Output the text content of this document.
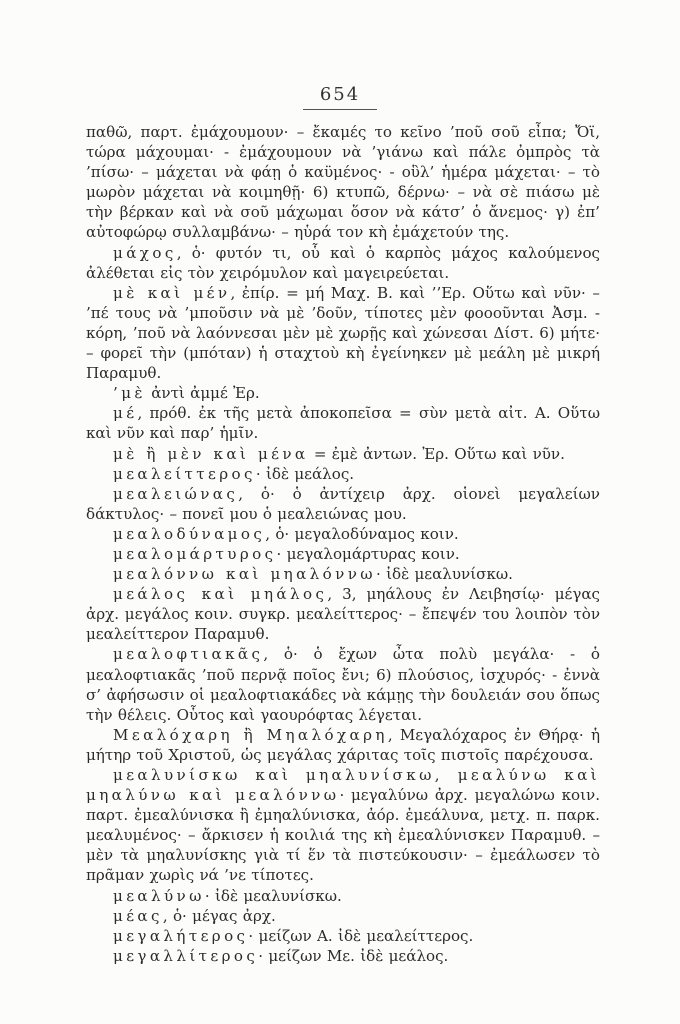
654

παθῶ, παρτ. ἐμάχουμουν· – ἔκαμές το κεῖνο ’ποῦ σοῦ εἶπα; Ὄϊ, τώρα μάχουμαι· - ἐμάχουμουν νὰ ’γιάνω καὶ πάλε ὀμπρὸς τὰ ’πίσω· – μάχεται νὰ φάῃ ὁ καϋμένος· - οὓλ’ ἡμέρα μάχεται· – τὸ μωρὸν μάχεται νὰ κοιμηθῇ· 6) κτυπῶ, δέρνω· – νὰ σὲ πιάσω μὲ τὴν βέρκαν καὶ νὰ σοῦ μάχωμαι ὅσον νὰ κάτσ’ ὁ ἄνεμος· γ) ἐπ’ αὐτοφώρῳ συλλαμβάνω· – ηὑρά τον κὴ ἐμάχετούν της.

μάχος, ὁ· φυτόν τι, οὗ καὶ ὁ καρπὸς μάχος καλούμενος ἀλέθεται εἰς τὸν χειρόμυλον καὶ μαγειρεύεται.

μὲ καὶ μέν, ἐπίρ. = μή Μαχ. Β. καὶ ’’Ερ. Οὕτω καὶ νῦν· – ’πέ τους νὰ ’μποῦσιν νὰ μὲ ’δοῦν, τίποτες μὲν φοοοῦνται Ἀσμ. - κόρη, ’ποῦ νὰ λαόννεσαι μὲν μὲ χωρῇς καὶ χώνεσαι Δίστ. 6) μήτε· – φορεῖ τὴν (μπόταν) ἡ σταχτοὺ κὴ ἐγείνηκεν μὲ μεάλη μὲ μικρή Παραμυθ.

’μὲ ἀντὶ ἀμμέ Ἐρ.

μέ, πρόθ. ἐκ τῆς μετὰ ἀποκοπεῖσα = σὺν μετὰ αἰτ. Α. Οὕτω καὶ νῦν καὶ παρ’ ἡμῖν.

μὲ ἢ μὲν καὶ μένα = ἐμὲ ἀντων. Ἐρ. Οὕτω καὶ νῦν.

μεαλείττερος· ἰδὲ μεάλος.

μεαλειώνας, ὁ· ὁ ἀντίχειρ ἀρχ. οἱονεὶ μεγαλείων δάκτυλος· – πονεῖ μου ὁ μεαλειώνας μου.

μεαλοδύναμος, ὁ· μεγαλοδύναμος κοιν.

μεαλομάρτυρος· μεγαλομάρτυρας κοιν.

μεαλόννω καὶ μηαλόννω· ἰδὲ μεαλυνίσκω.

μεάλος καὶ μηάλος, 3, μηάλους ἐν Λειβησίῳ· μέγας ἀρχ. μεγάλος κοιν. συγκρ. μεαλείττερος· – ἔπεψέν του λοιπὸν τὸν μεαλείττερον Παραμυθ.

μεαλοφτιακᾶς, ὁ· ὁ ἔχων ὦτα πολὺ μεγάλα· - ὁ μεαλοφτιακᾶς ’ποῦ περνᾷ ποῖος ἔνι; 6) πλούσιος, ἰσχυρός· - ἐννὰ σ’ ἀφήσωσιν οἱ μεαλοφτιακάδες νὰ κάμῃς τὴν δουλειάν σου ὅπως τὴν θέλεις. Οὗτος καὶ γαουρόφτας λέγεται.

Μεαλόχαρη ἢ Μηαλόχαρη, Μεγαλόχαρος ἐν Θήρᾳ· ἡ μήτηρ τοῦ Χριστοῦ, ὡς μεγάλας χάριτας τοῖς πιστοῖς παρέχουσα.

μεαλυνίσκω καὶ μηαλυνίσκω, μεαλύνω καὶ μηαλύνω καὶ μεαλόννω· μεγαλύνω ἀρχ. μεγαλώνω κοιν. παρτ. ἐμεαλύνισκα ἢ ἐμηαλύνισκα, ἀόρ. ἐμεάλυνα, μετχ. π. παρκ. μεαλυμένος· – ἄρκισεν ἡ κοιλιά της κὴ ἐμεαλύνισκεν Παραμυθ. – μὲν τὰ μηαλυνίσκης γιὰ τί ἕν τὰ πιστεύκουσιν· – ἐμεάλωσεν τὸ πρᾶμαν χωρὶς νά ’νε τίποτες.

μεαλύνω· ἰδὲ μεαλυνίσκω.

μέας, ὁ· μέγας ἀρχ.

μεγαλήτερος· μείζων Α. ἰδὲ μεαλείττερος.

μεγαλλίτερος· μείζων Με. ἰδὲ μεάλος.
